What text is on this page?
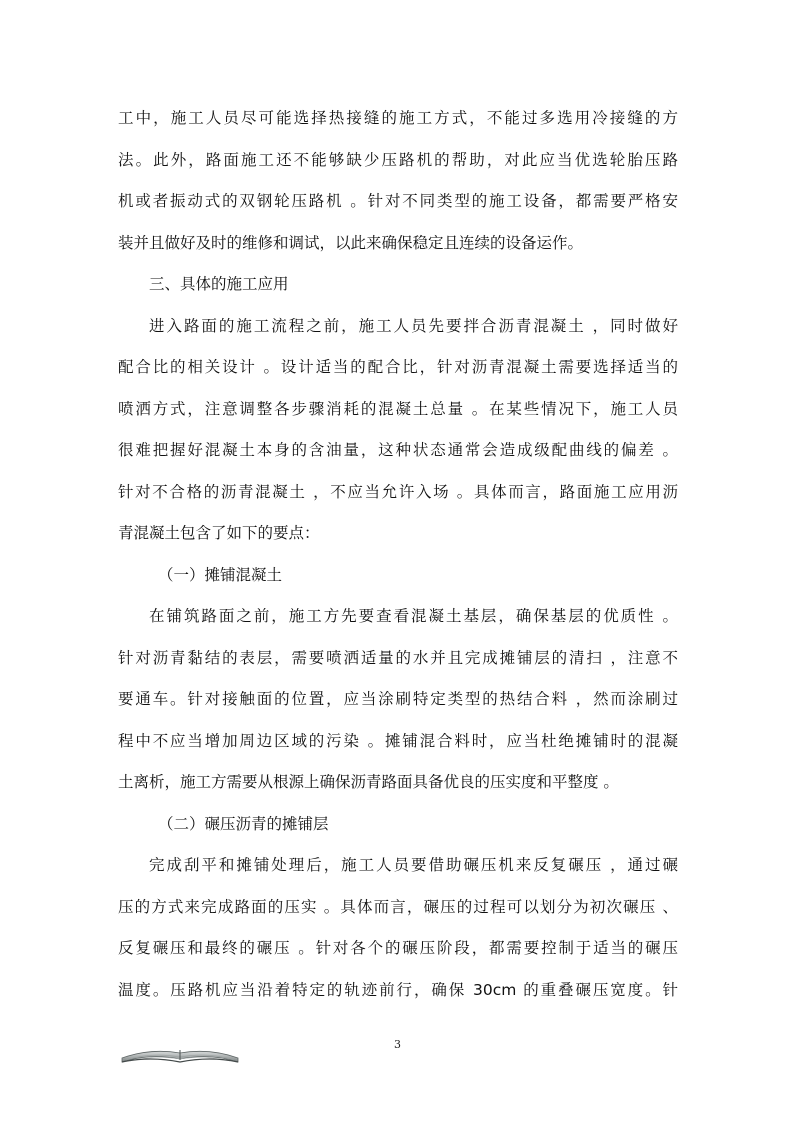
工中，施工人员尽可能选择热接缝的施工方式，不能过多选用冷接缝的方
法。此外，路面施工还不能够缺少压路机的帮助，对此应当优选轮胎压路
机或者振动式的双钢轮压路机 。针对不同类型的施工设备，都需要严格安
装并且做好及时的维修和调试，以此来确保稳定且连续的设备运作。
三、具体的施工应用
进入路面的施工流程之前，施工人员先要拌合沥青混凝土 ，同时做好
配合比的相关设计 。设计适当的配合比，针对沥青混凝土需要选择适当的
喷洒方式，注意调整各步骤消耗的混凝土总量 。在某些情况下，施工人员
很难把握好混凝土本身的含油量，这种状态通常会造成级配曲线的偏差 。
针对不合格的沥青混凝土 ，不应当允许入场 。具体而言，路面施工应用沥
青混凝土包含了如下的要点：
（一）摊铺混凝土
在铺筑路面之前，施工方先要查看混凝土基层，确保基层的优质性 。
针对沥青黏结的表层，需要喷洒适量的水并且完成摊铺层的清扫 ，注意不
要通车。针对接触面的位置，应当涂刷特定类型的热结合料 ，然而涂刷过
程中不应当增加周边区域的污染 。摊铺混合料时，应当杜绝摊铺时的混凝
土离析，施工方需要从根源上确保沥青路面具备优良的压实度和平整度 。
（二）碾压沥青的摊铺层
完成刮平和摊铺处理后，施工人员要借助碾压机来反复碾压 ，通过碾
压的方式来完成路面的压实 。具体而言，碾压的过程可以划分为初次碾压 、
反复碾压和最终的碾压 。针对各个的碾压阶段，都需要控制于适当的碾压
温度。压路机应当沿着特定的轨迹前行，确保 30cm 的重叠碾压宽度。针
3
